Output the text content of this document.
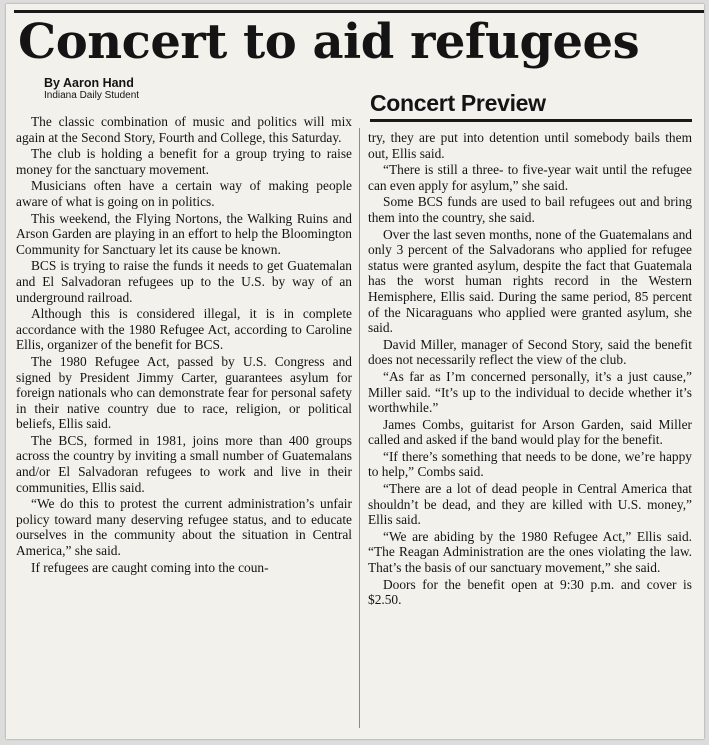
Concert to aid refugees
By Aaron Hand
Indiana Daily Student	Concert Preview

The classic combination of music and politics will mix again at the Second Story, Fourth and College, this Saturday.

The club is holding a benefit for a group trying to raise money for the sanctuary movement.

Musicians often have a certain way of making people aware of what is going on in politics.

This weekend, the Flying Nortons, the Walking Ruins and Arson Garden are playing in an effort to help the Bloomington Community for Sanctuary let its cause be known.

BCS is trying to raise the funds it needs to get Guatemalan and El Salvadoran refugees up to the U.S. by way of an underground railroad.

Although this is considered illegal, it is in complete accordance with the 1980 Refugee Act, according to Caroline Ellis, organizer of the benefit for BCS.

The 1980 Refugee Act, passed by U.S. Congress and signed by President Jimmy Carter, guarantees asylum for foreign nationals who can demonstrate fear for personal safety in their native country due to race, religion, or political beliefs, Ellis said.

The BCS, formed in 1981, joins more than 400 groups across the country by inviting a small number of Guatemalans and/or El Salvadoran refugees to work and live in their communities, Ellis said.

“We do this to protest the current administration’s unfair policy toward many deserving refugee status, and to educate ourselves in the community about the situation in Central America,” she said.

If refugees are caught coming into the coun-

try, they are put into detention until somebody bails them out, Ellis said.

“There is still a three- to five-year wait until the refugee can even apply for asylum,” she said.

Some BCS funds are used to bail refugees out and bring them into the country, she said.

Over the last seven months, none of the Guatemalans and only 3 percent of the Salvadorans who applied for refugee status were granted asylum, despite the fact that Guatemala has the worst human rights record in the Western Hemisphere, Ellis said. During the same period, 85 percent of the Nicaraguans who applied were granted asylum, she said.

David Miller, manager of Second Story, said the benefit does not necessarily reflect the view of the club.

“As far as I’m concerned personally, it’s a just cause,” Miller said. “It’s up to the individual to decide whether it’s worthwhile.”

James Combs, guitarist for Arson Garden, said Miller called and asked if the band would play for the benefit.

“If there’s something that needs to be done, we’re happy to help,” Combs said.

“There are a lot of dead people in Central America that shouldn’t be dead, and they are killed with U.S. money,” Ellis said.

“We are abiding by the 1980 Refugee Act,” Ellis said. “The Reagan Administration are the ones violating the law. That’s the basis of our sanctuary movement,” she said.

Doors for the benefit open at 9:30 p.m. and cover is $2.50.
